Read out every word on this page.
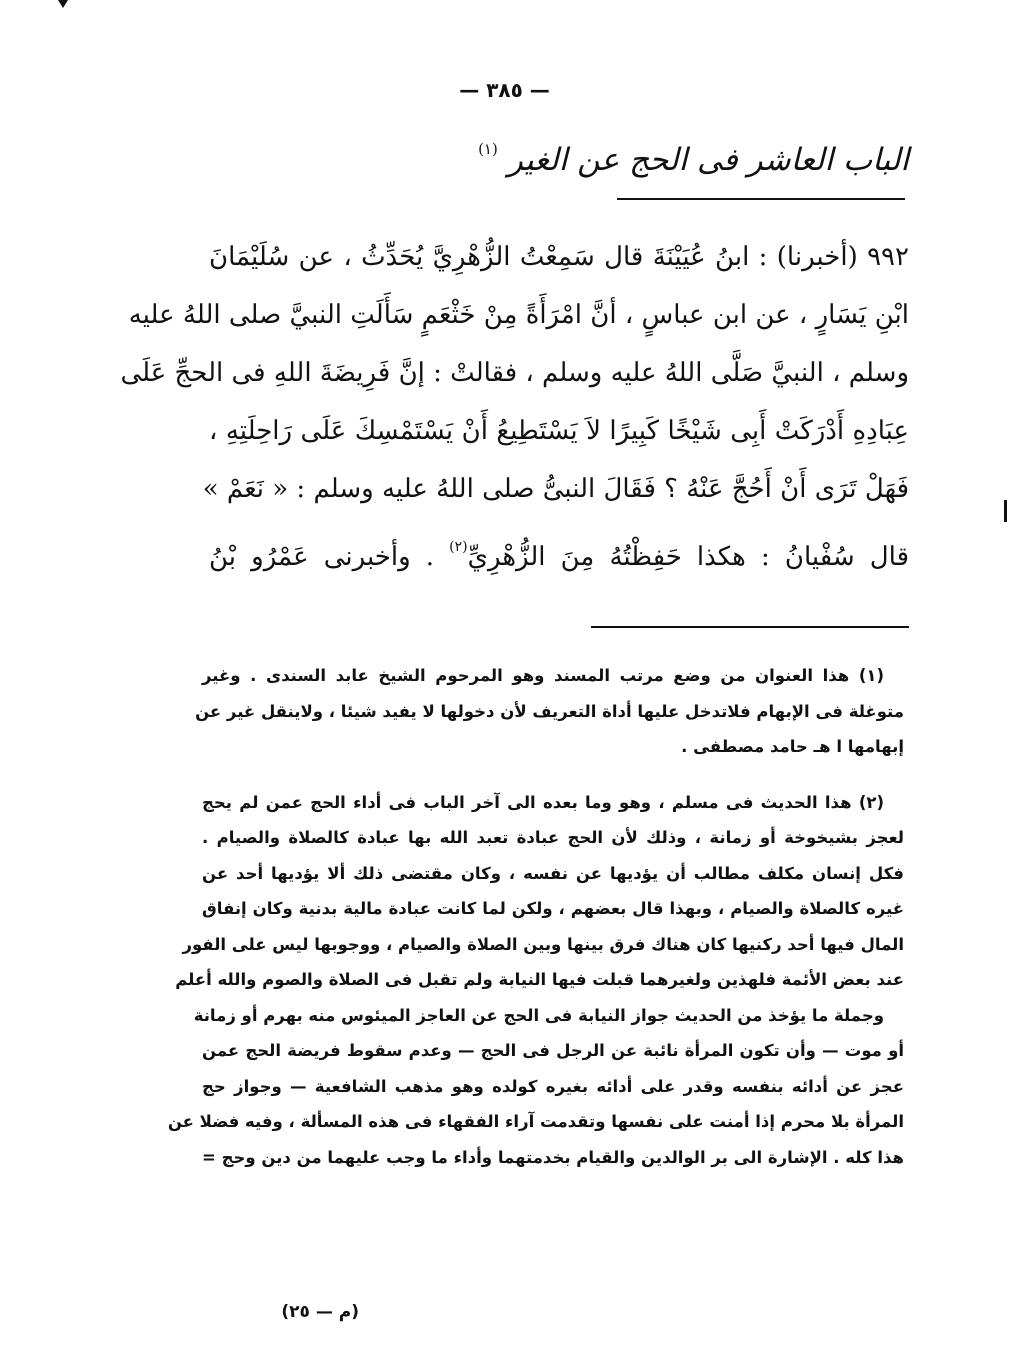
— ٣٨٥ —
الباب العاشر فى الحج عن الغير$^{(١)}$
٩٩٢ (أخبرنا) : ابنُ عُيَيْنَةَ قال سَمِعْتُ الزُّهْرِيَّ يُحَدِّثُ ، عن سُلَيْمَانَ
ابْنِ يَسَارٍ ، عن ابن عباسٍ ، أنَّ امْرَأَةً مِنْ خَثْعَمٍ سَأَلَتِ النبيَّ صلى اللهُ عليه
وسلم ، النبيَّ صَلَّى اللهُ عليه وسلم ، فقالتْ : إنَّ فَرِيضَةَ اللهِ فى الحجِّ عَلَى
عِبَادِهِ أَدْرَكَتْ أَبِى شَيْخًا كَبِيرًا لاَ يَسْتَطِيعُ أَنْ يَسْتَمْسِكَ عَلَى رَاحِلَتِهِ ،
فَهَلْ تَرَى أَنْ أَحُجَّ عَنْهُ ؟ فَقَالَ النبىُّ صلى اللهُ عليه وسلم : « نَعَمْ »
قال سُفْيانُ : هكذا حَفِظْتُهُ مِنَ الزُّهْرِيِّ$^{(٢)}$ . وأخبرنى عَمْرُو بْنُ
(١) هذا العنوان من وضع مرتب المسند وهو المرحوم الشيخ عابد السندى . وغير
متوغلة فى الإبهام فلاتدخل عليها أداة التعريف لأن دخولها لا يفيد شيئا ، ولاينقل غير عن
إبهامها ا هـ حامد مصطفى .
(٢) هذا الحديث فى مسلم ، وهو وما بعده الى آخر الباب فى أداء الحج عمن لم يحج
لعجز بشيخوخة أو زمانة ، وذلك لأن الحج عبادة تعبد الله بها عبادة كالصلاة والصيام .
فكل إنسان مكلف مطالب أن يؤديها عن نفسه ، وكان مقتضى ذلك ألا يؤديها أحد عن
غيره كالصلاة والصيام ، وبهذا قال بعضهم ، ولكن لما كانت عبادة مالية بدنية وكان إنفاق
المال فيها أحد ركنيها كان هناك فرق بينها وبين الصلاة والصيام ، ووجوبها ليس على الفور
عند بعض الأئمة فلهذين ولغيرهما قبلت فيها النيابة ولم تقبل فى الصلاة والصوم والله أعلم
وجملة ما يؤخذ من الحديث جواز النيابة فى الحج عن العاجز الميئوس منه بهرم أو زمانة
أو موت — وأن تكون المرأة نائبة عن الرجل فى الحج — وعدم سقوط فريضة الحج عمن
عجز عن أدائه بنفسه وقدر على أدائه بغيره كولده وهو مذهب الشافعية — وجواز حج
المرأة بلا محرم إذا أمنت على نفسها وتقدمت آراء الفقهاء فى هذه المسألة ، وفيه فضلا عن
هذا كله . الإشارة الى بر الوالدين والقيام بخدمتهما وأداء ما وجب عليهما من دين وحج =
(م — ٢٥)
